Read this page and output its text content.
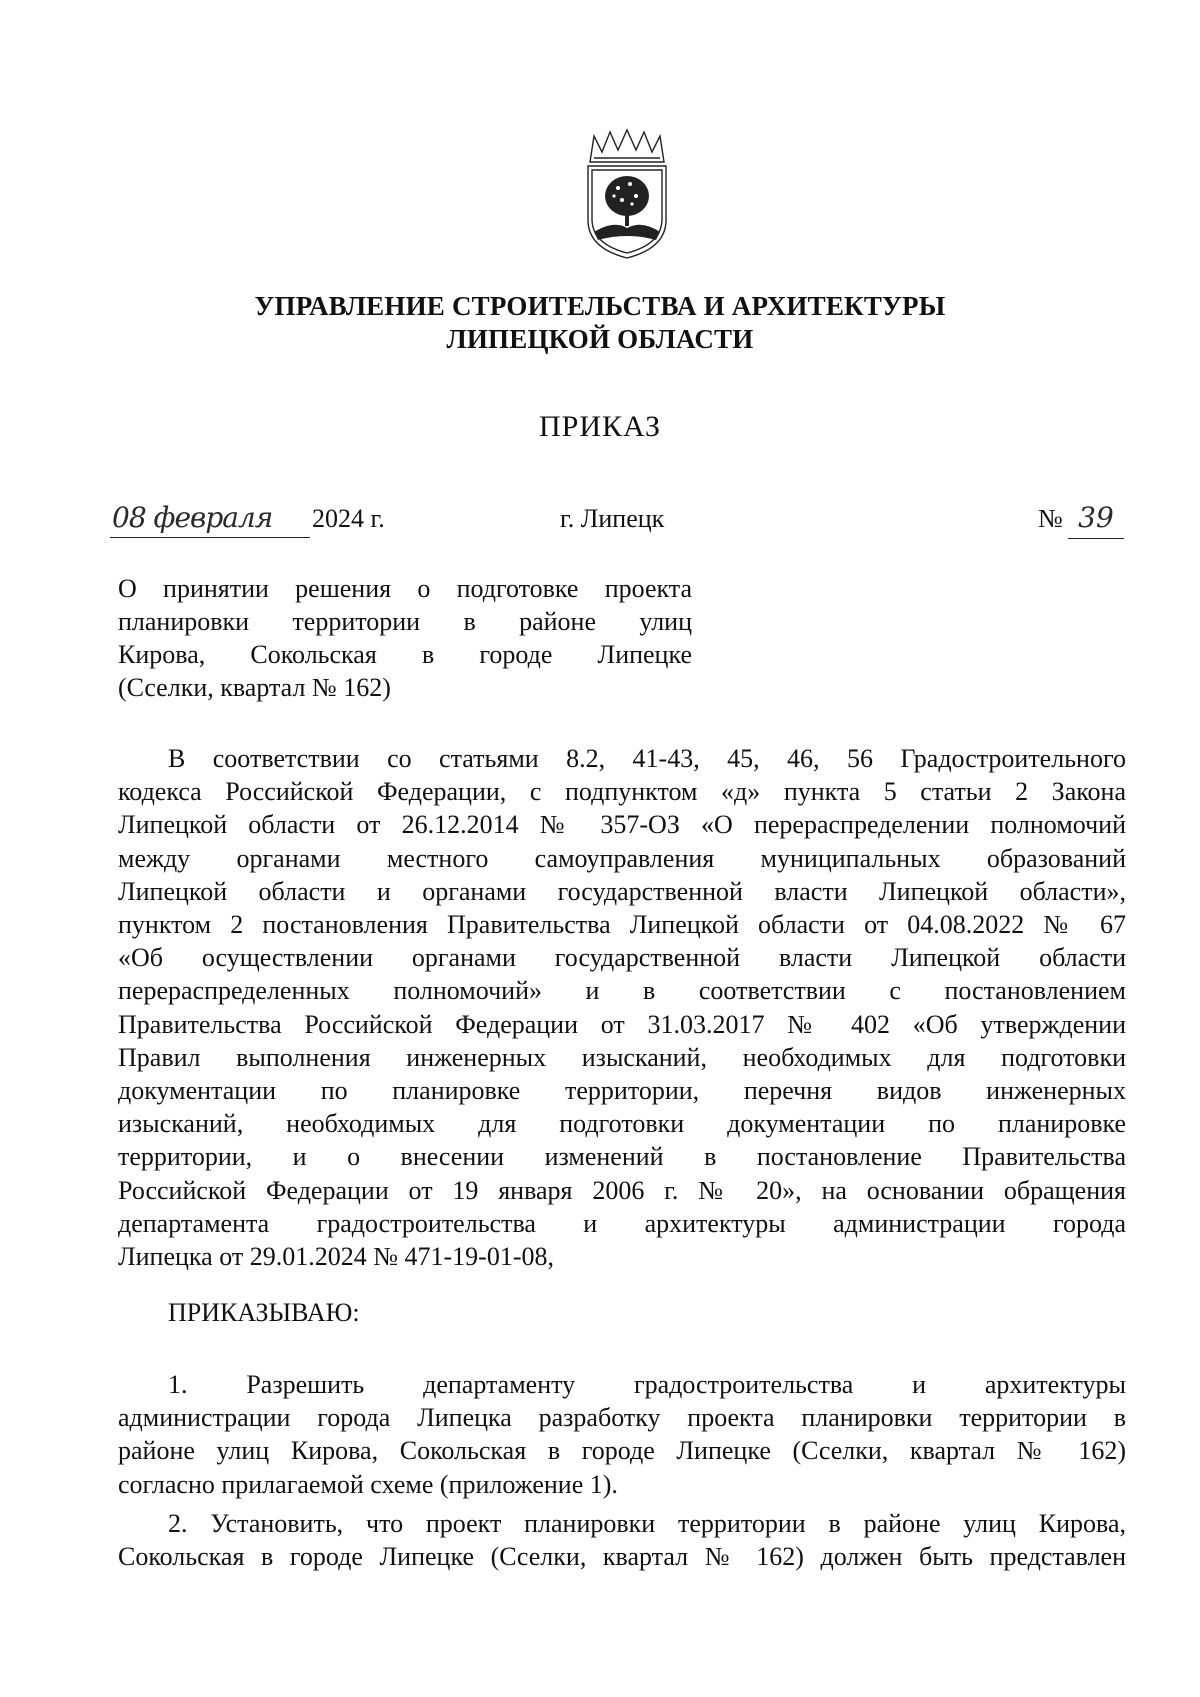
УПРАВЛЕНИЕ СТРОИТЕЛЬСТВА И АРХИТЕКТУРЫ
ЛИПЕЦКОЙ ОБЛАСТИ
ПРИКАЗ
08 февраля	2024 г.	г. Липецк	№ 39
О принятии решения о подготовке проекта
планировки территории в районе улиц
Кирова, Сокольская в городе Липецке
(Сселки, квартал № 162)
В соответствии со статьями 8.2, 41-43, 45, 46, 56 Градостроительного
кодекса Российской Федерации, с подпунктом «д» пункта 5 статьи 2 Закона
Липецкой области от 26.12.2014 № 357-ОЗ «О перераспределении полномочий
между органами местного самоуправления муниципальных образований
Липецкой области и органами государственной власти Липецкой области»,
пунктом 2 постановления Правительства Липецкой области от 04.08.2022 № 67
«Об осуществлении органами государственной власти Липецкой области
перераспределенных полномочий» и в соответствии с постановлением
Правительства Российской Федерации от 31.03.2017 № 402 «Об утверждении
Правил выполнения инженерных изысканий, необходимых для подготовки
документации по планировке территории, перечня видов инженерных
изысканий, необходимых для подготовки документации по планировке
территории, и о внесении изменений в постановление Правительства
Российской Федерации от 19 января 2006 г. № 20», на основании обращения
департамента градостроительства и архитектуры администрации города
Липецка от 29.01.2024 № 471-19-01-08,
ПРИКАЗЫВАЮ:
1. Разрешить департаменту градостроительства и архитектуры
администрации города Липецка разработку проекта планировки территории в
районе улиц Кирова, Сокольская в городе Липецке (Сселки, квартал № 162)
согласно прилагаемой схеме (приложение 1).
2. Установить, что проект планировки территории в районе улиц Кирова,
Сокольская в городе Липецке (Сселки, квартал № 162) должен быть представлен
